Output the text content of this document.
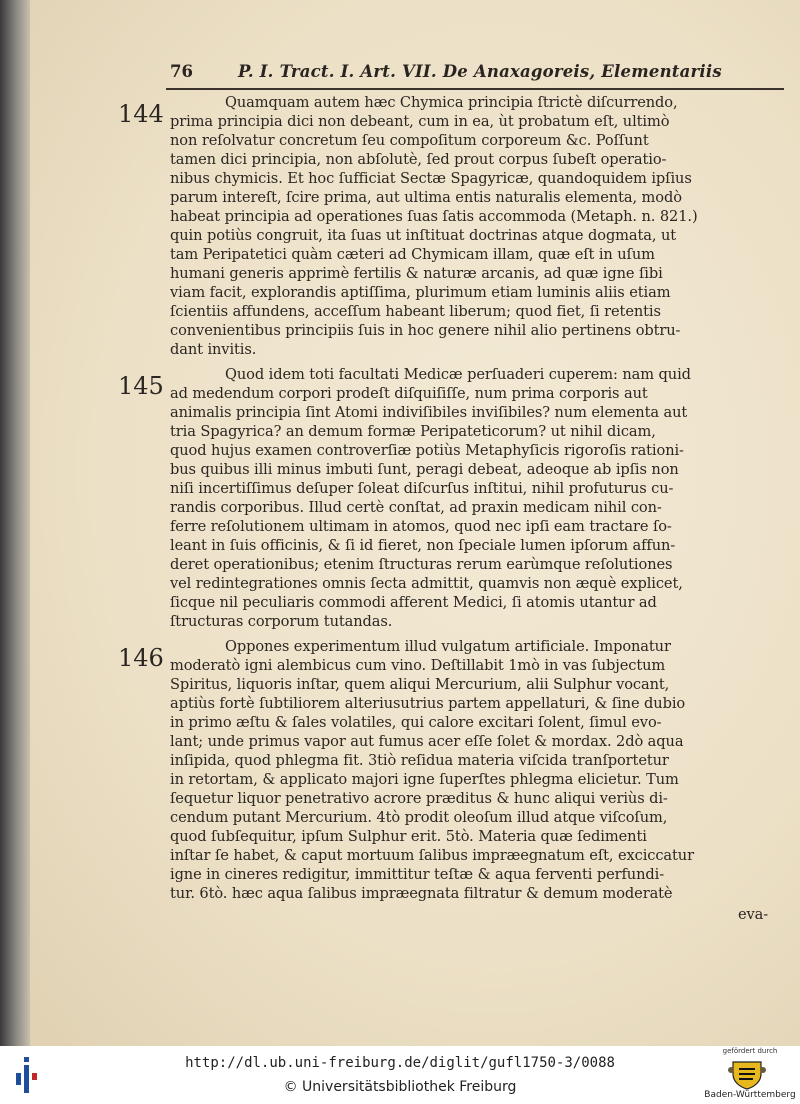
76	P. I. Tract. I. Art. VII. De Anaxagoreis, Elementariis
144
145
146
Quamquam autem hæc Chymica principia ſtrictè diſcurrendo,
prima principia dici non debeant, cum in ea, ùt probatum eſt, ultimò
non reſolvatur concretum ſeu compoſitum corporeum &c. Poſſunt
tamen dici principia, non abſolutè, ſed prout corpus ſubeſt operatio-
nibus chymicis. Et hoc ſufficiat Sectæ Spagyricæ, quandoquidem ipſius
parum intereſt, ſcire prima, aut ultima entis naturalis elementa, modò
habeat principia ad operationes ſuas ſatis accommoda (Metaph. n. 821.)
quin potiùs congruit, ita ſuas ut inſtituat doctrinas atque dogmata, ut
tam Peripatetici quàm cæteri ad Chymicam illam, quæ eſt in uſum
humani generis apprimè fertilis & naturæ arcanis, ad quæ igne ſibi
viam facit, explorandis aptiſſima, plurimum etiam luminis aliis etiam
ſcientiis affundens, acceſſum habeant liberum; quod fiet, ſi retentis
convenientibus principiis ſuis in hoc genere nihil alio pertinens obtru-
dant invitis.
Quod idem toti facultati Medicæ perſuaderi cuperem: nam quid
ad medendum corpori prodeſt diſquiſiſſe, num prima corporis aut
animalis principia ſint Atomi indiviſibiles inviſibiles? num elementa aut
tria Spagyrica? an demum formæ Peripateticorum? ut nihil dicam,
quod hujus examen controverſiæ potiùs Metaphyſicis rigoroſis rationi-
bus quibus illi minus imbuti ſunt, peragi debeat, adeoque ab ipſis non
niſi incertiſſimus deſuper ſoleat diſcurſus inſtitui, nihil profuturus cu-
randis corporibus. Illud certè conſtat, ad praxin medicam nihil con-
ferre reſolutionem ultimam in atomos, quod nec ipſi eam tractare ſo-
leant in ſuis officinis, & ſi id fieret, non ſpeciale lumen ipſorum affun-
deret operationibus; etenim ſtructuras rerum earùmque reſolutiones
vel redintegrationes omnis ſecta admittit, quamvis non æquè explicet,
ſicque nil peculiaris commodi afferent Medici, ſi atomis utantur ad
ſtructuras corporum tutandas.
Oppones experimentum illud vulgatum artificiale. Imponatur
moderatò igni alembicus cum vino. Deſtillabit 1mò in vas ſubjectum
Spiritus, liquoris inſtar, quem aliqui Mercurium, alii Sulphur vocant,
aptiùs fortè ſubtiliorem alteriusutrius partem appellaturi, & ſine dubio
in primo æſtu & ſales volatiles, qui calore excitari ſolent, ſimul evo-
lant; unde primus vapor aut fumus acer eſſe ſolet & mordax. 2dò aqua
inſipida, quod phlegma fit. 3tiò reſidua materia viſcida tranſportetur
in retortam, & applicato majori igne ſuperſtes phlegma elicietur. Tum
ſequetur liquor penetrativo acrore præditus & hunc aliqui veriùs di-
cendum putant Mercurium. 4tò prodit oleoſum illud atque viſcoſum,
quod ſubſequitur, ipſum Sulphur erit. 5tò. Materia quæ ſedimenti
inſtar ſe habet, & caput mortuum ſalibus impræegnatum eſt, exciccatur
igne in cineres redigitur, immittitur teſtæ & aqua ferventi perfundi-
tur. 6tò. hæc aqua ſalibus impræegnata filtratur & demum moderatè
eva-
http://dl.ub.uni-freiburg.de/diglit/gufl1750-3/0088
© Universitätsbibliothek Freiburg
gefördert durch
Baden-Württemberg
